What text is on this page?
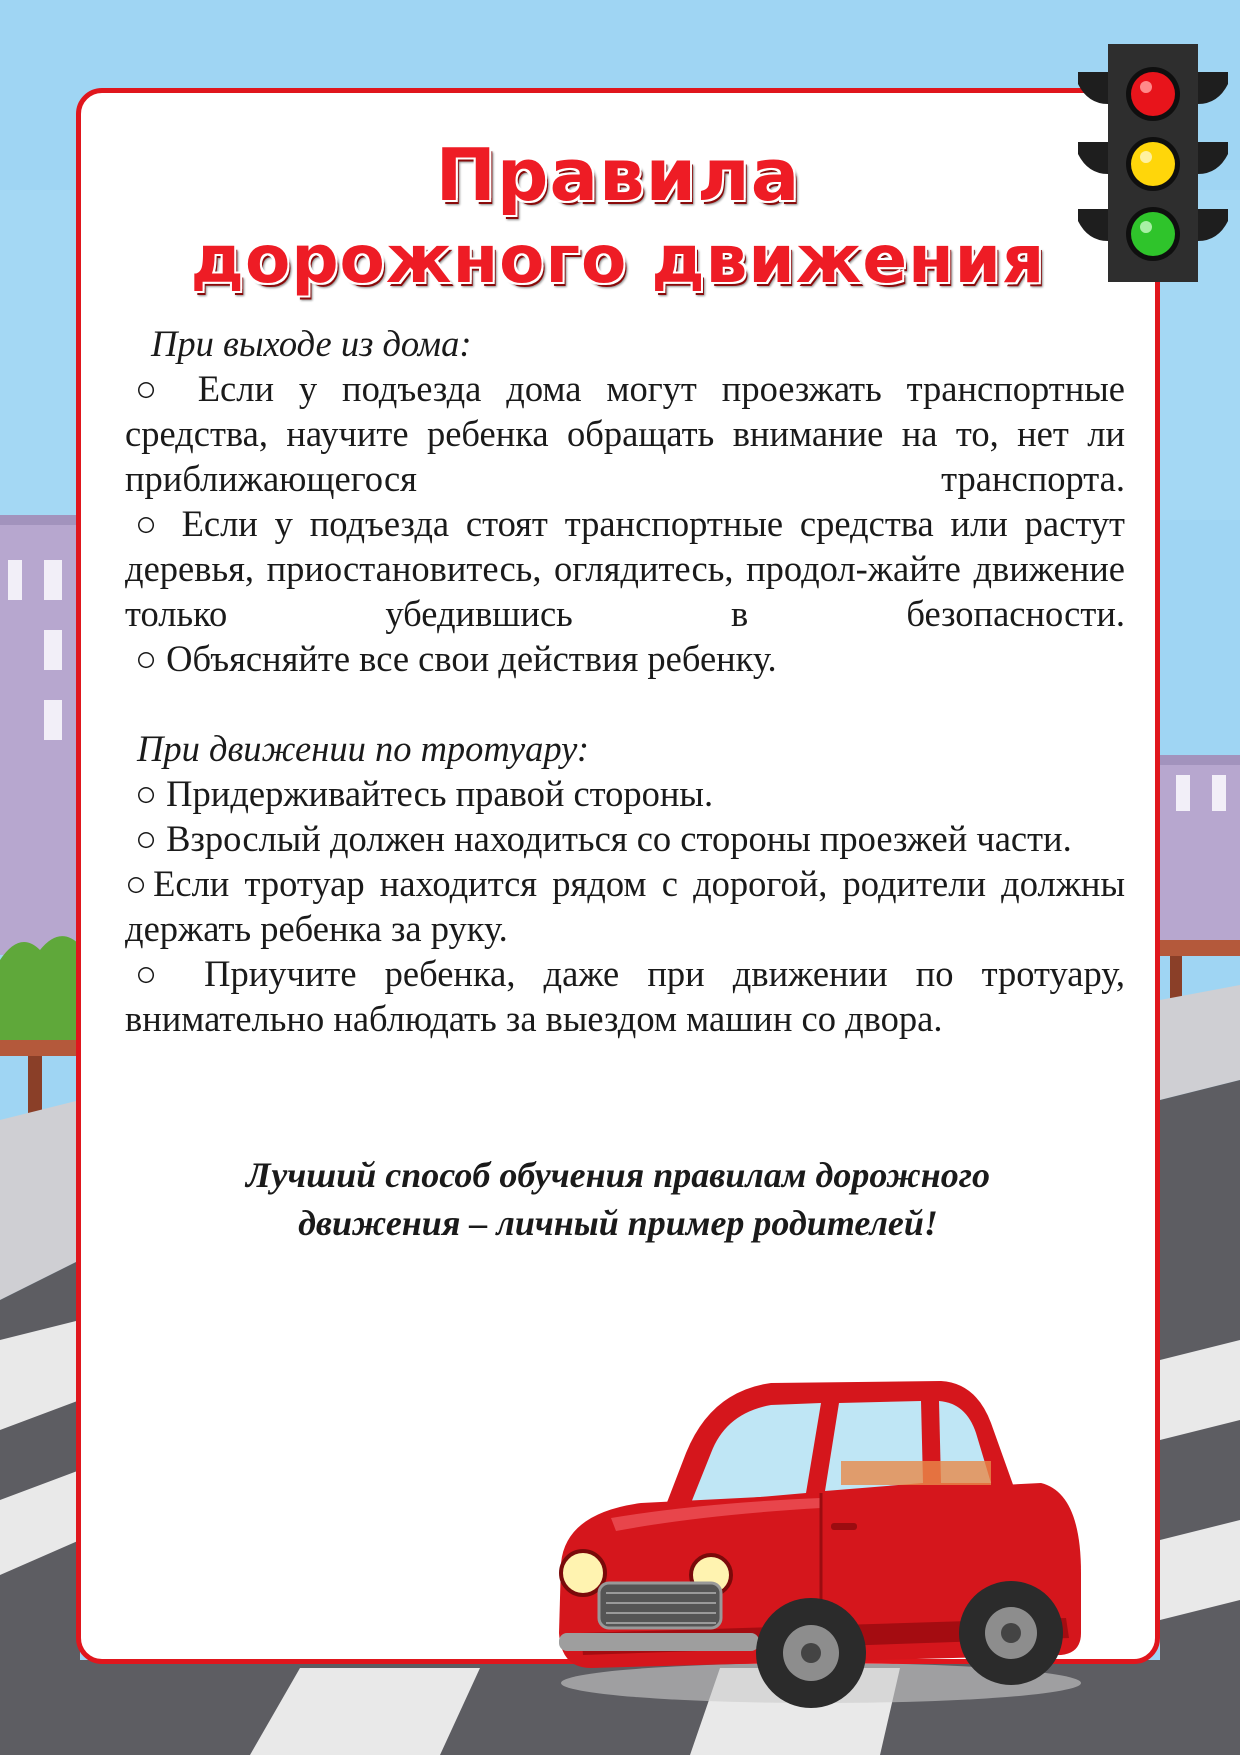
Правила
дорожного движения

При выходе из дома:

○ Если у подъезда дома могут проезжать транспортные средства, научите ребенка обращать внимание на то, нет ли приближающегося транспорта.

○ Если у подъезда стоят транспортные средства или растут деревья, приостановитесь, оглядитесь, продол-жайте движение только убедившись в безопасности.

○ Объясняйте все свои действия ребенку.

При движении по тротуару:

○ Придерживайтесь правой стороны.

○ Взрослый должен находиться со стороны проезжей части.

○Если тротуар находится рядом с дорогой, родители должны держать ребенка за руку.

○ Приучите ребенка, даже при движении по тротуару, внимательно наблюдать за выездом машин со двора.

Лучший способ обучения правилам дорожного
движения – личный пример родителей!
